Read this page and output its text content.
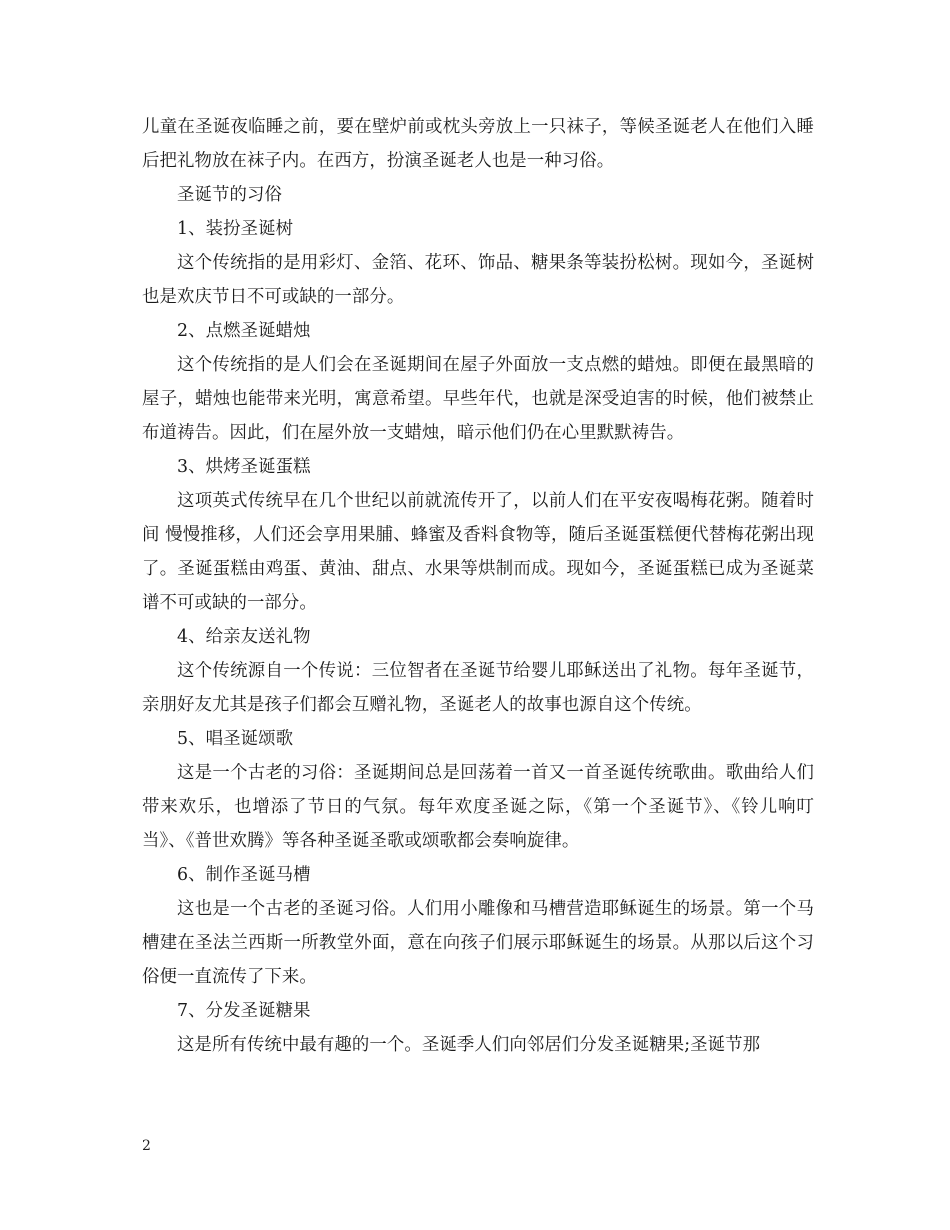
儿童在圣诞夜临睡之前，要在壁炉前或枕头旁放上一只袜子，等候圣诞老人在他们入睡后把礼物放在袜子内。在西方，扮演圣诞老人也是一种习俗。

圣诞节的习俗

1、装扮圣诞树

这个传统指的是用彩灯、金箔、花环、饰品、糖果条等装扮松树。现如今，圣诞树也是欢庆节日不可或缺的一部分。

2、点燃圣诞蜡烛

这个传统指的是人们会在圣诞期间在屋子外面放一支点燃的蜡烛。即便在最黑暗的屋子，蜡烛也能带来光明，寓意希望。早些年代，也就是深受迫害的时候，他们被禁止布道祷告。因此，们在屋外放一支蜡烛，暗示他们仍在心里默默祷告。

3、烘烤圣诞蛋糕

这项英式传统早在几个世纪以前就流传开了，以前人们在平安夜喝梅花粥。随着时间 慢慢推移，人们还会享用果脯、蜂蜜及香料食物等，随后圣诞蛋糕便代替梅花粥出现了。圣诞蛋糕由鸡蛋、黄油、甜点、水果等烘制而成。现如今，圣诞蛋糕已成为圣诞菜谱不可或缺的一部分。

4、给亲友送礼物

这个传统源自一个传说：三位智者在圣诞节给婴儿耶稣送出了礼物。每年圣诞节，亲朋好友尤其是孩子们都会互赠礼物，圣诞老人的故事也源自这个传统。

5、唱圣诞颂歌

这是一个古老的习俗：圣诞期间总是回荡着一首又一首圣诞传统歌曲。歌曲给人们带来欢乐，也增添了节日的气氛。每年欢度圣诞之际，《第一个圣诞节》、《铃儿响叮当》、《普世欢腾》等各种圣诞圣歌或颂歌都会奏响旋律。

6、制作圣诞马槽

这也是一个古老的圣诞习俗。人们用小雕像和马槽营造耶稣诞生的场景。第一个马槽建在圣法兰西斯一所教堂外面，意在向孩子们展示耶稣诞生的场景。从那以后这个习俗便一直流传了下来。

7、分发圣诞糖果

这是所有传统中最有趣的一个。圣诞季人们向邻居们分发圣诞糖果;圣诞节那

2
